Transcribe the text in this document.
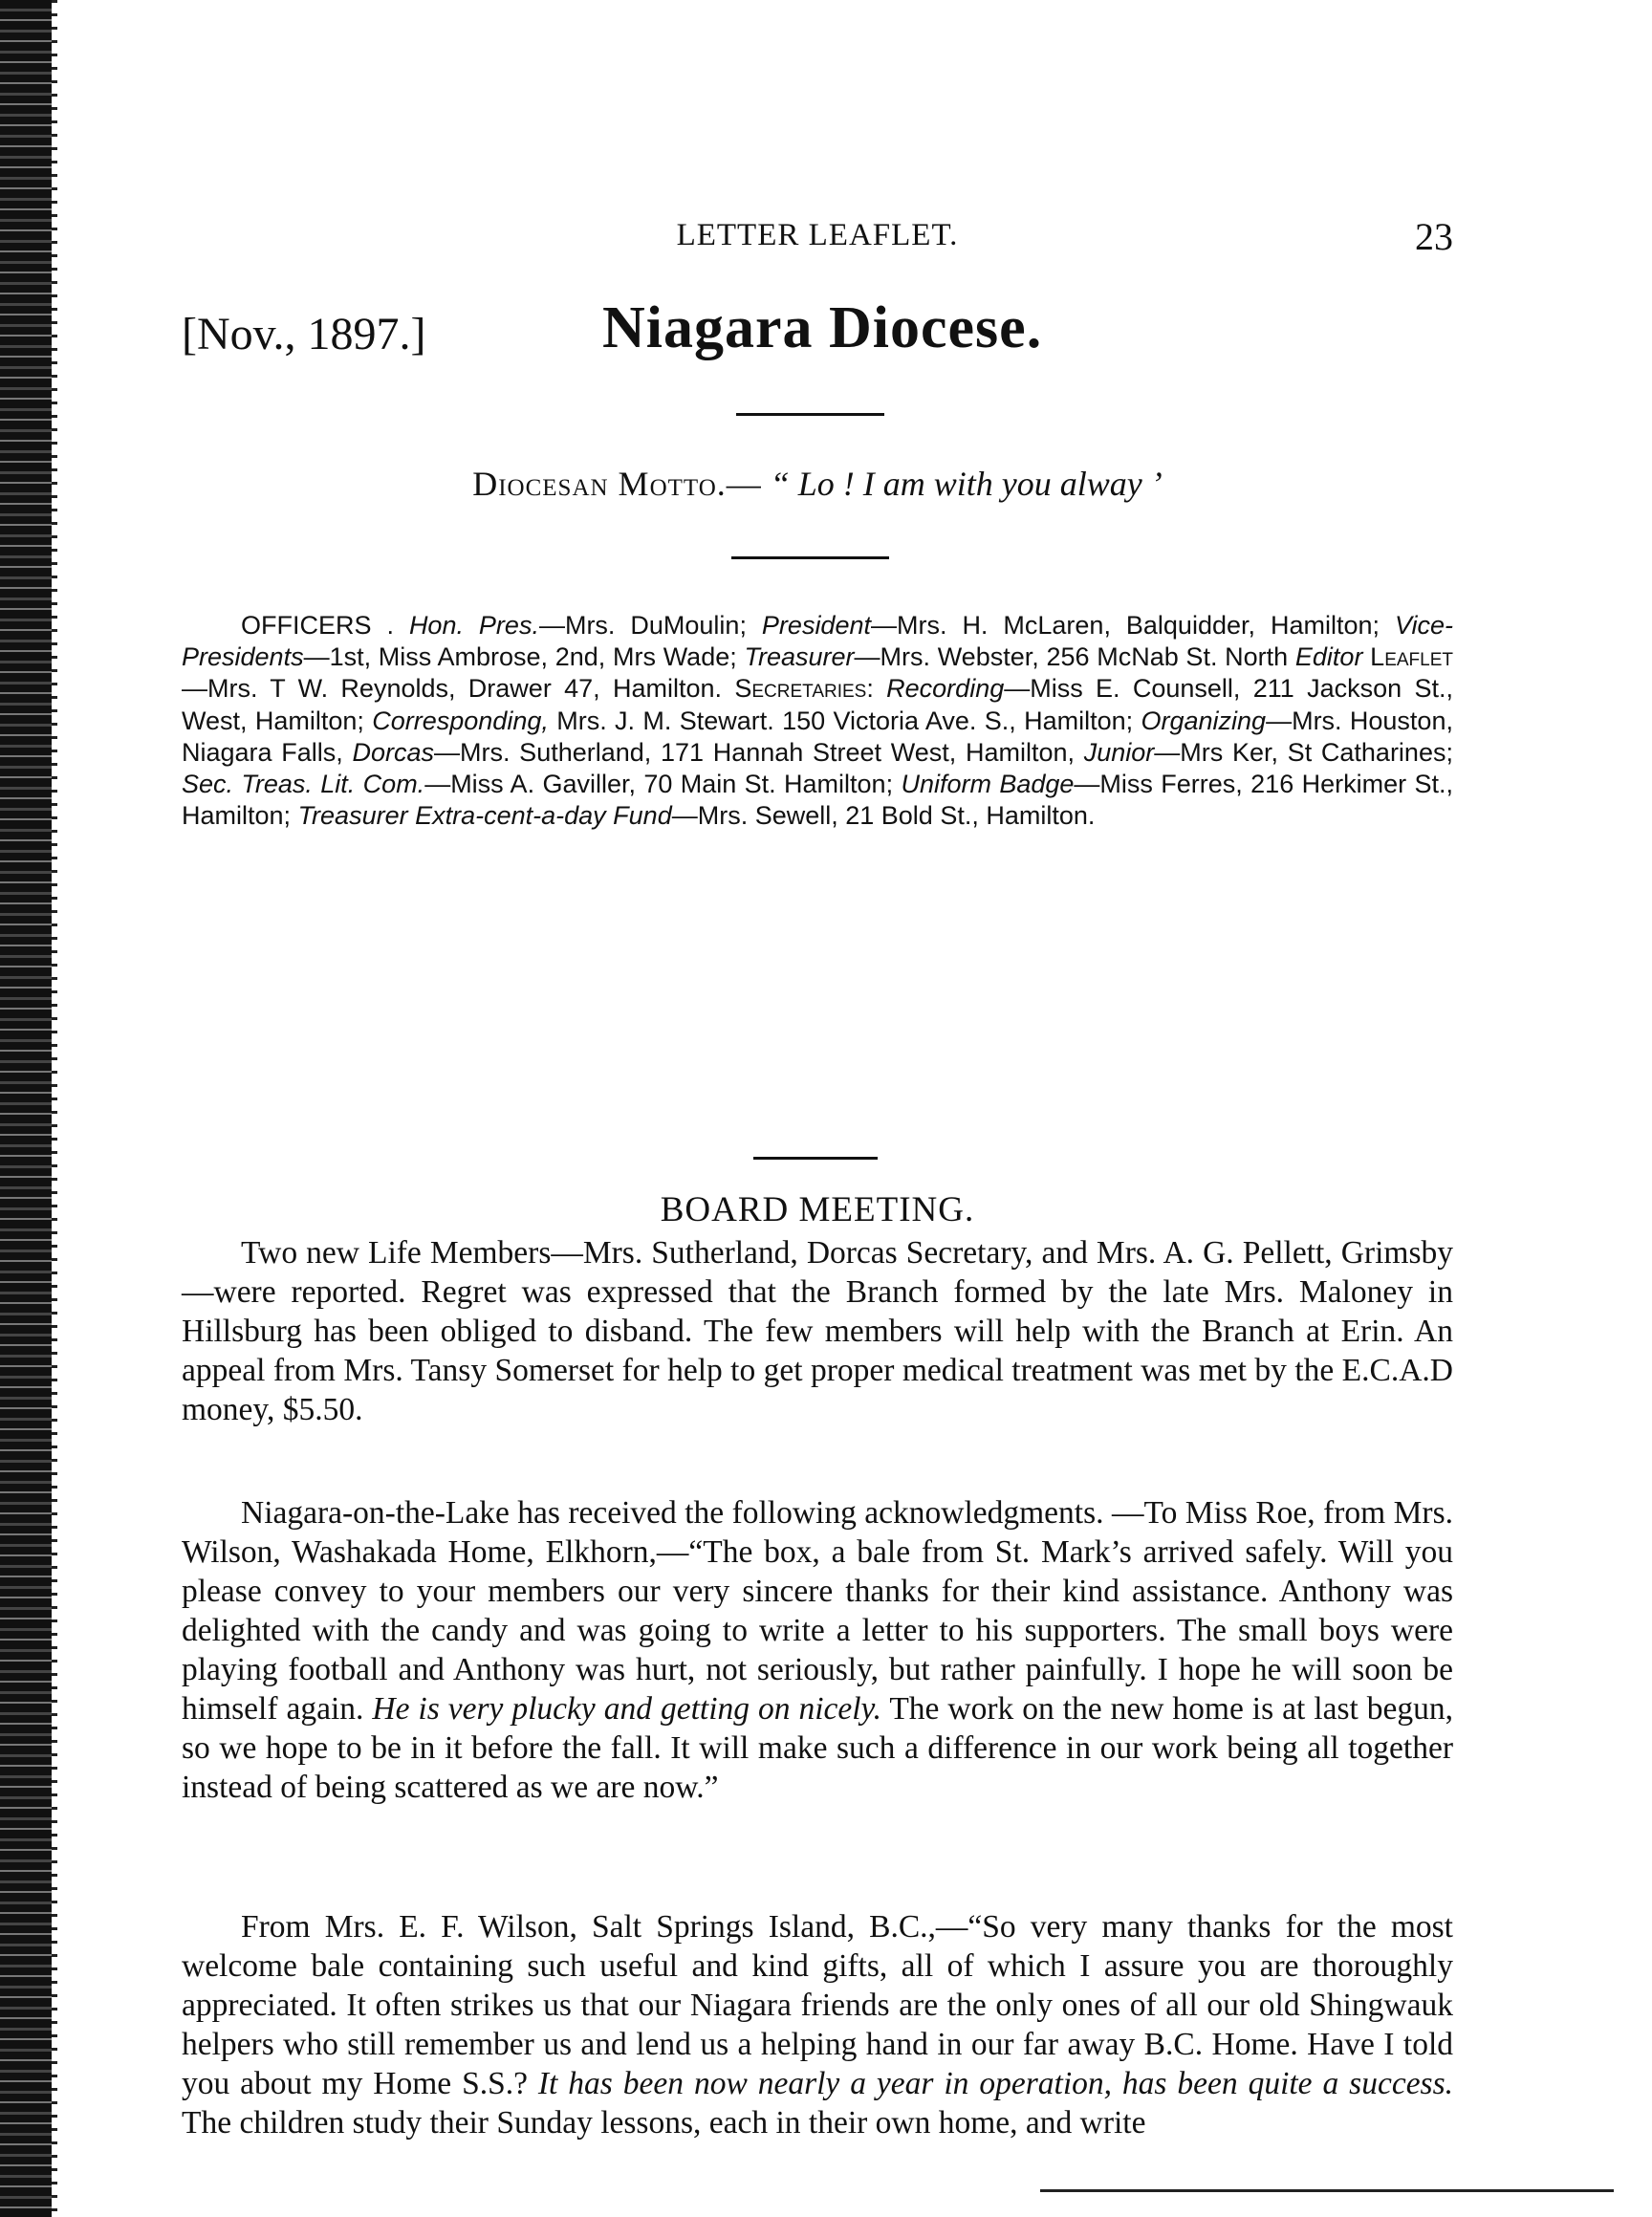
LETTER LEAFLET.	23
[Nov., 1897.]	Niagara Diocese.
Diocesan Motto.— “ Lo ! I am with you alway ’
OFFICERS . Hon. Pres.—Mrs. DuMoulin; President—Mrs. H. McLaren, Balquidder, Hamilton; Vice-Presidents—1st, Miss Ambrose, 2nd, Mrs Wade; Treasurer—Mrs. Webster, 256 McNab St. North Editor Leaflet—Mrs. T W. Reynolds, Drawer 47, Hamilton. Secretaries: Recording—Miss E. Counsell, 211 Jackson St., West, Hamilton; Corresponding, Mrs. J. M. Stewart. 150 Victoria Ave. S., Hamilton; Organizing—Mrs. Houston, Niagara Falls, Dorcas—Mrs. Sutherland, 171 Hannah Street West, Hamilton, Junior—Mrs Ker, St Catharines; Sec. Treas. Lit. Com.—Miss A. Gaviller, 70 Main St. Hamilton; Uniform Badge—Miss Ferres, 216 Herkimer St., Hamilton; Treasurer Extra-cent-a-day Fund—Mrs. Sewell, 21 Bold St., Hamilton.
BOARD MEETING.

Two new Life Members—Mrs. Sutherland, Dorcas Secretary, and Mrs. A. G. Pellett, Grimsby—were reported. Regret was expressed that the Branch formed by the late Mrs. Maloney in Hillsburg has been obliged to disband. The few members will help with the Branch at Erin. An appeal from Mrs. Tansy Somerset for help to get proper medical treatment was met by the E.C.A.D money, $5.50.

Niagara-on-the-Lake has received the following acknowledgments. —To Miss Roe, from Mrs. Wilson, Washakada Home, Elkhorn,—“The box, a bale from St. Mark’s arrived safely. Will you please convey to your members our very sincere thanks for their kind assistance. Anthony was delighted with the candy and was going to write a letter to his supporters. The small boys were playing football and Anthony was hurt, not seriously, but rather painfully. I hope he will soon be himself again. He is very plucky and getting on nicely. The work on the new home is at last begun, so we hope to be in it before the fall. It will make such a difference in our work being all together instead of being scattered as we are now.”

From Mrs. E. F. Wilson, Salt Springs Island, B.C.,—“So very many thanks for the most welcome bale containing such useful and kind gifts, all of which I assure you are thoroughly appreciated. It often strikes us that our Niagara friends are the only ones of all our old Shingwauk helpers who still remember us and lend us a helping hand in our far away B.C. Home. Have I told you about my Home S.S.? It has been now nearly a year in operation, has been quite a success. The children study their Sunday lessons, each in their own home, and write
